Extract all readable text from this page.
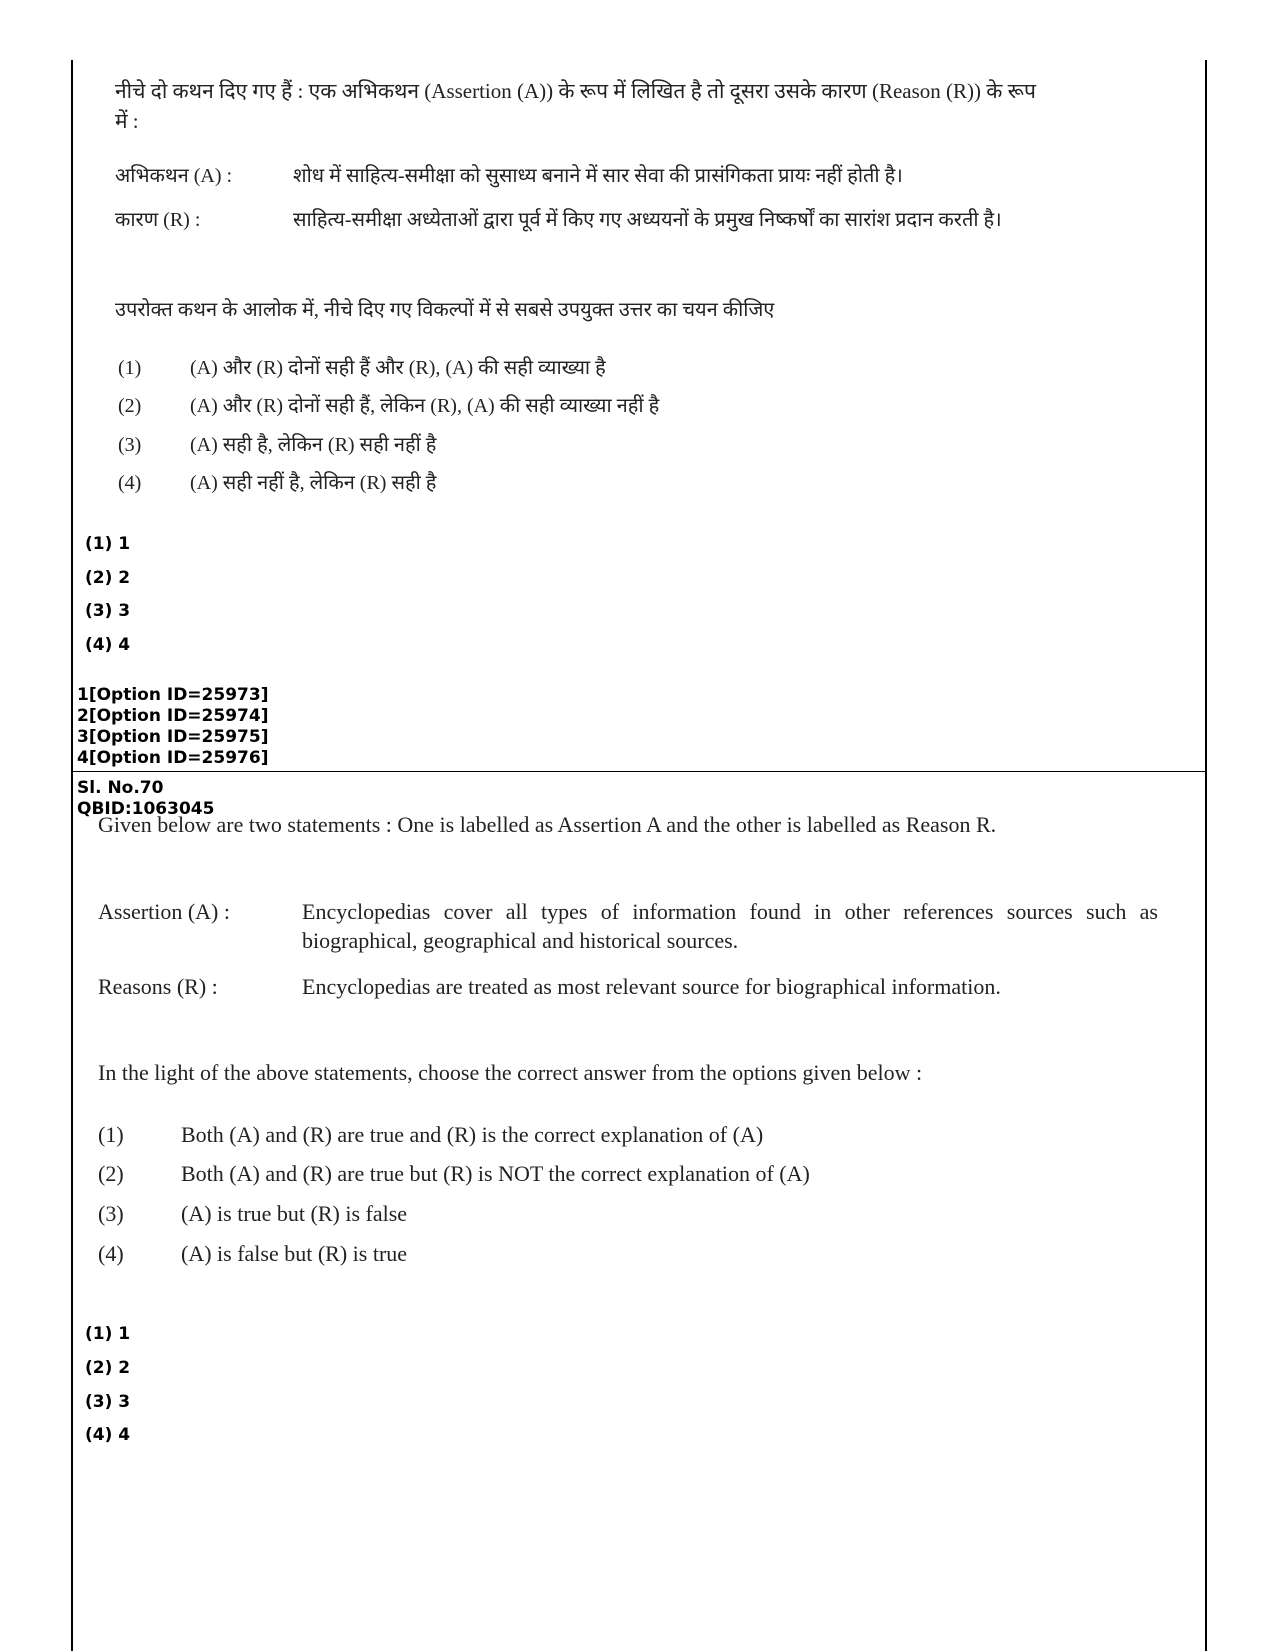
नीचे दो कथन दिए गए हैं : एक अभिकथन (Assertion (A)) के रूप में लिखित है तो दूसरा उसके कारण (Reason (R)) के रूप में :

अभिकथन (A) :	शोध में साहित्य-समीक्षा को सुसाध्य बनाने में सार सेवा की प्रासंगिकता प्रायः नहीं होती है।
कारण (R) :	साहित्य-समीक्षा अध्येताओं द्वारा पूर्व में किए गए अध्ययनों के प्रमुख निष्कर्षों का सारांश प्रदान करती है।

उपरोक्त कथन के आलोक में, नीचे दिए गए विकल्पों में से सबसे उपयुक्त उत्तर का चयन कीजिए

(1)	(A) और (R) दोनों सही हैं और (R), (A) की सही व्याख्या है
(2)	(A) और (R) दोनों सही हैं, लेकिन (R), (A) की सही व्याख्या नहीं है
(3)	(A) सही है, लेकिन (R) सही नहीं है
(4)	(A) सही नहीं है, लेकिन (R) सही है
(1) 1
(2) 2
(3) 3
(4) 4
1[Option ID=25973]
2[Option ID=25974]
3[Option ID=25975]
4[Option ID=25976]
Sl. No.70
QBID:1063045

Given below are two statements : One is labelled as Assertion A and the other is labelled as Reason R.

Assertion (A) :	Encyclopedias cover all types of information found in other references sources such as biographical, geographical and historical sources.
Reasons (R) :	Encyclopedias are treated as most relevant source for biographical information.

In the light of the above statements, choose the correct answer from the options given below :

(1)	Both (A) and (R) are true and (R) is the correct explanation of (A)
(2)	Both (A) and (R) are true but (R) is NOT the correct explanation of (A)
(3)	(A) is true but (R) is false
(4)	(A) is false but (R) is true
(1) 1
(2) 2
(3) 3
(4) 4
